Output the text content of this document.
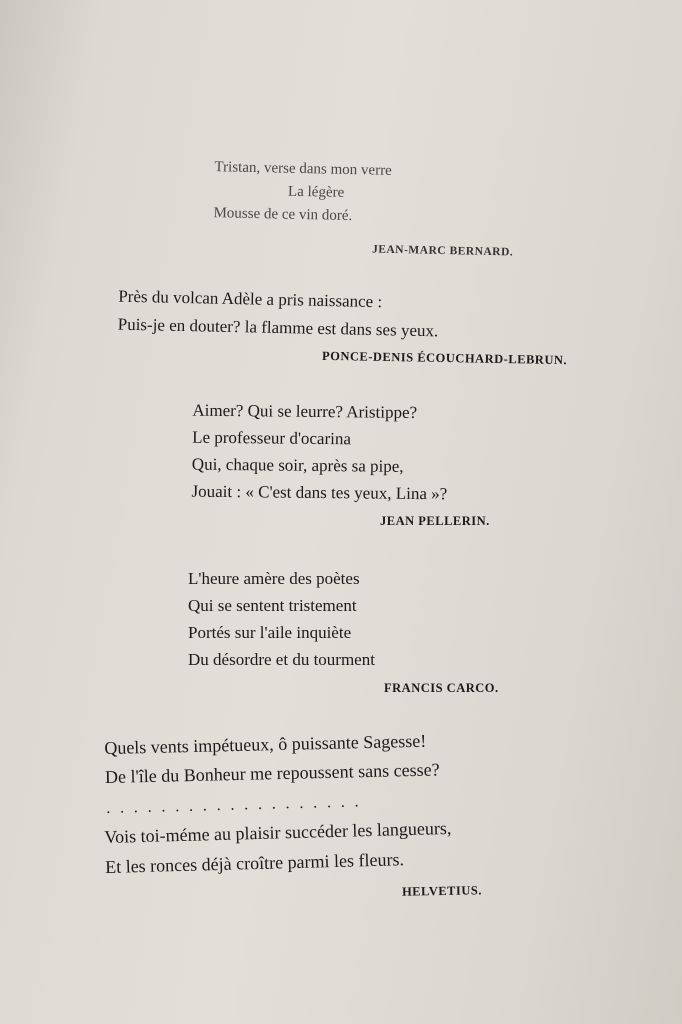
Tristan, verse dans mon verre
La légère
Mousse de ce vin doré.
JEAN-MARC BERNARD.
Près du volcan Adèle a pris naissance :
Puis-je en douter? la flamme est dans ses yeux.
PONCE-DENIS ÉCOUCHARD-LEBRUN.
Aimer? Qui se leurre? Aristippe?
Le professeur d'ocarina
Qui, chaque soir, après sa pipe,
Jouait : « C'est dans tes yeux, Lina »?
JEAN PELLERIN.
L'heure amère des poètes
Qui se sentent tristement
Portés sur l'aile inquiète
Du désordre et du tourment
FRANCIS CARCO.
Quels vents impétueux, ô puissante Sagesse!
De l'île du Bonheur me repoussent sans cesse?
...................
Vois toi-méme au plaisir succéder les langueurs,
Et les ronces déjà croître parmi les fleurs.
HELVETIUS.
